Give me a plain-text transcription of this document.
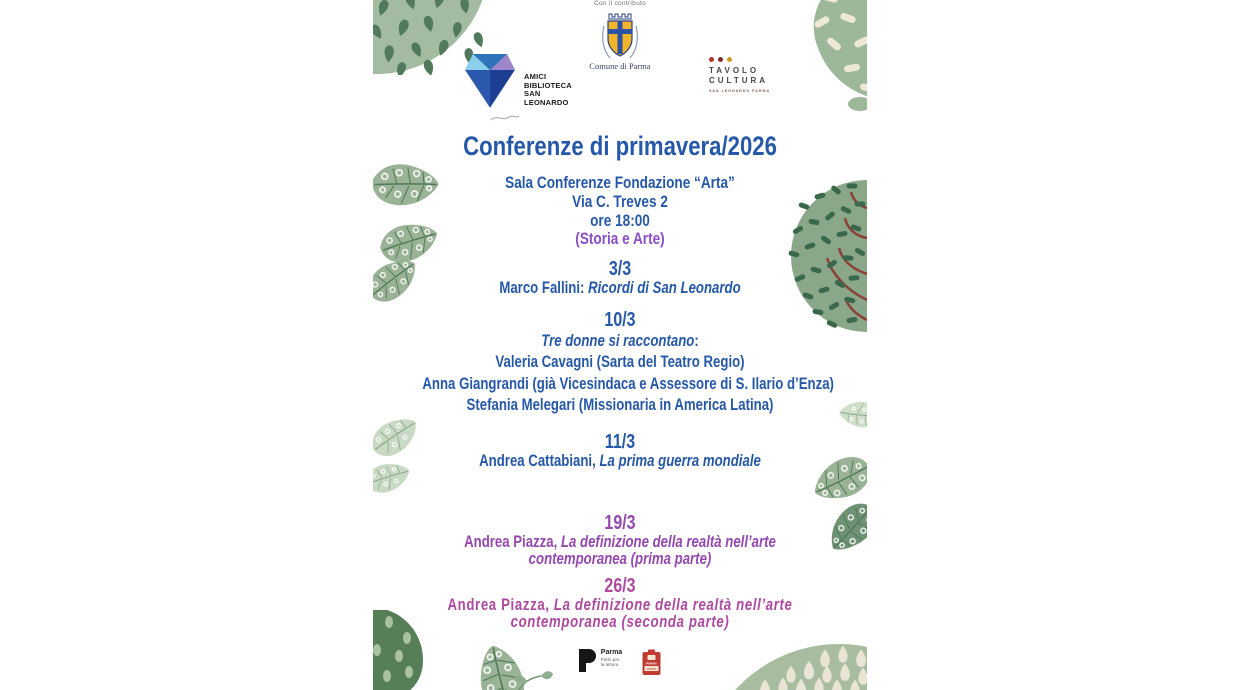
Con il contributo
Comune di Parma
AMICI
BIBLIOTECA
SAN
LEONARDO
TAVOLO
CULTURA
SAN LEONARDO PARMA
Conferenze di primavera/2026
Sala Conferenze Fondazione “Arta”
Via C. Treves 2
ore 18:00
(Storia e Arte)
3/3
Marco Fallini: Ricordi di San Leonardo
10/3
Tre donne si raccontano:
Valeria Cavagni (Sarta del Teatro Regio)
Anna Giangrandi (già Vicesindaca e Assessore di S. Ilario d’Enza)
Stefania Melegari (Missionaria in America Latina)
11/3
Andrea Cattabiani, La prima guerra mondiale
19/3
Andrea Piazza, La definizione della realtà nell’arte
contemporanea (prima parte)
26/3
Andrea Piazza, La definizione della realtà nell’arte
contemporanea (seconda parte)
Parma
Patto per
la lettura	PARMA
CITTÀ
